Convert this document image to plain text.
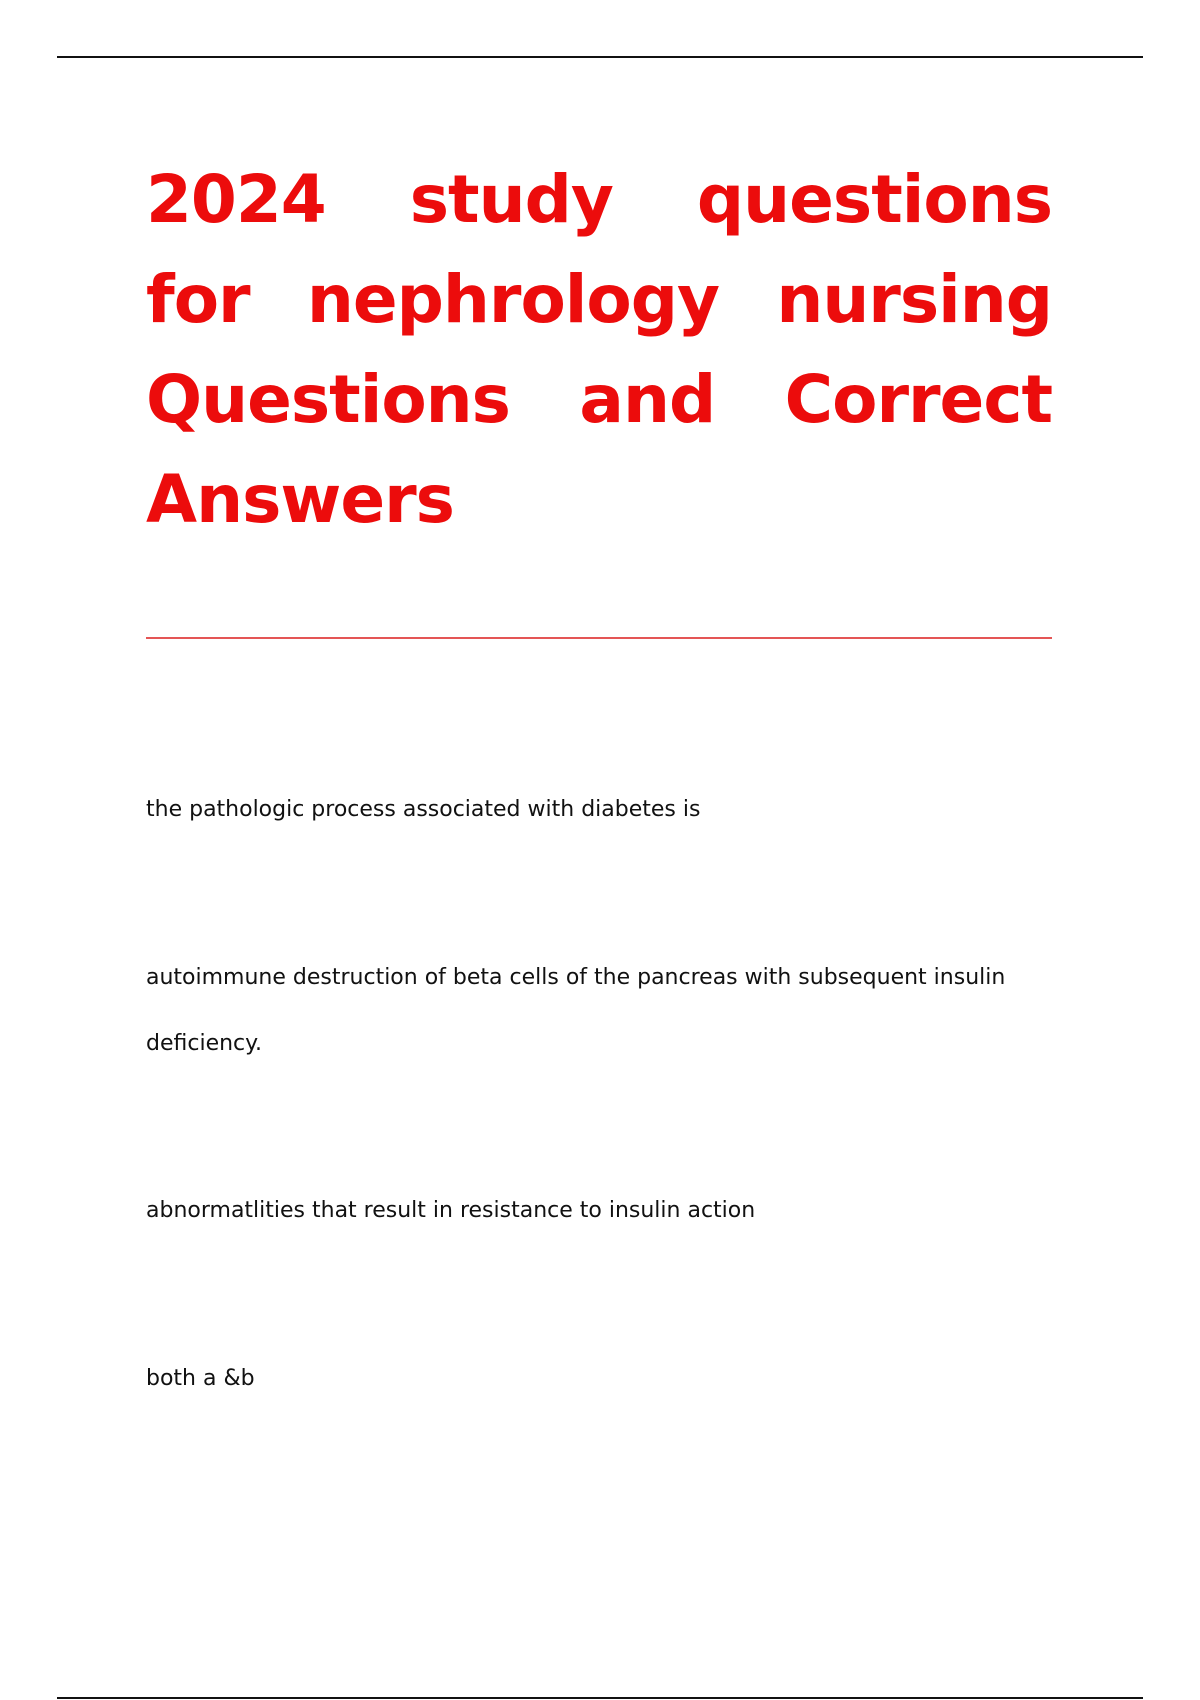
2024 study questions for nephrology nursing Questions and Correct Answers

the pathologic process associated with diabetes is

autoimmune destruction of beta cells of the pancreas with subsequent insulin deficiency.

abnormatlities that result in resistance to insulin action

both a &b
